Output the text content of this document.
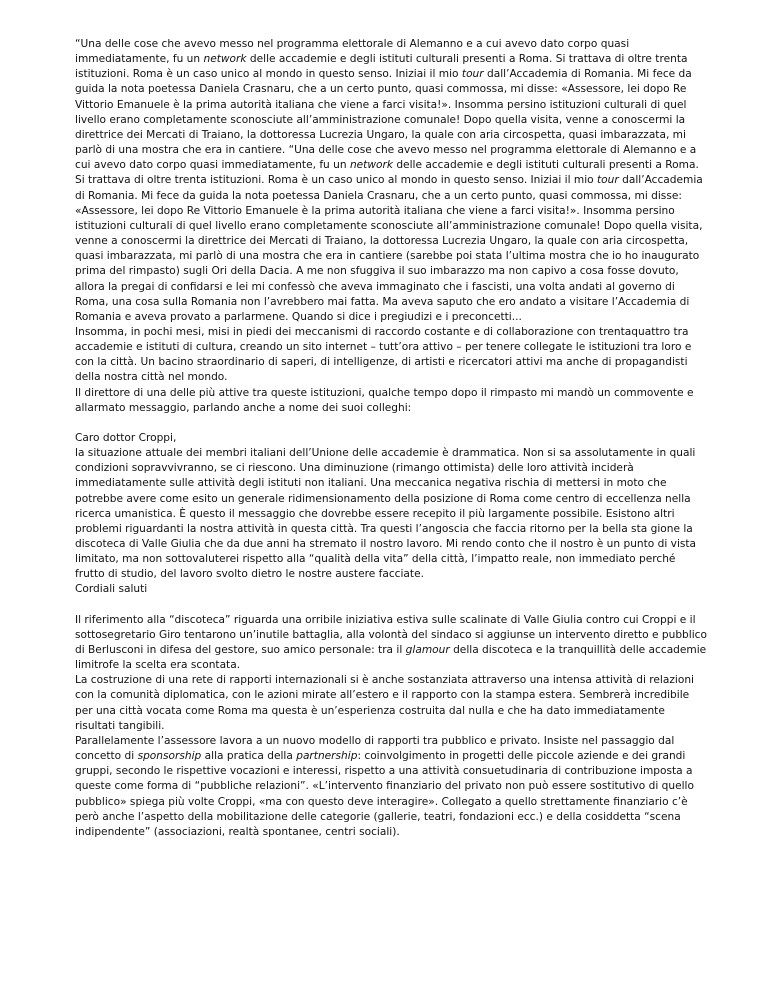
“Una delle cose che avevo messo nel programma elettorale di Alemanno e a cui avevo dato corpo quasi immediatamente, fu un network delle accademie e degli istituti culturali presenti a Roma. Si trattava di oltre trenta istituzioni. Roma è un caso unico al mondo in questo senso. Iniziai il mio tour dall’Accademia di Romania. Mi fece da guida la nota poetessa Daniela Crasnaru, che a un certo punto, quasi commossa, mi disse: «Assessore, lei dopo Re Vittorio Emanuele è la prima autorità italiana che viene a farci visita!». Insomma persino istituzioni culturali di quel livello erano completamente sconosciute all’amministrazione comunale! Dopo quella visita, venne a conoscermi la direttrice dei Mercati di Traiano, la dottoressa Lucrezia Ungaro, la quale con aria circospetta, quasi imbarazzata, mi parlò di una mostra che era in cantiere. “Una delle cose che avevo messo nel programma elettorale di Alemanno e a cui avevo dato corpo quasi immediatamente, fu un network delle accademie e degli istituti culturali presenti a Roma. Si trattava di oltre trenta istituzioni. Roma è un caso unico al mondo in questo senso. Iniziai il mio tour dall’Accademia di Romania. Mi fece da guida la nota poetessa Daniela Crasnaru, che a un certo punto, quasi commossa, mi disse: «Assessore, lei dopo Re Vittorio Emanuele è la prima autorità italiana che viene a farci visita!». Insomma persino istituzioni culturali di quel livello erano completamente sconosciute all’amministrazione comunale! Dopo quella visita, venne a conoscermi la direttrice dei Mercati di Traiano, la dottoressa Lucrezia Ungaro, la quale con aria circospetta, quasi imbarazzata, mi parlò di una mostra che era in cantiere (sarebbe poi stata l’ultima mostra che io ho inaugurato prima del rimpasto) sugli Ori della Dacia. A me non sfuggiva il suo imbarazzo ma non capivo a cosa fosse dovuto, allora la pregai di confidarsi e lei mi confessò che aveva immaginato che i fascisti, una volta andati al governo di Roma, una cosa sulla Romania non l’avrebbero mai fatta. Ma aveva saputo che ero andato a visitare l’Accademia di Romania e aveva provato a parlarmene. Quando si dice i pregiudizi e i preconcetti...

Insomma, in pochi mesi, misi in piedi dei meccanismi di raccordo costante e di collaborazione con trentaquattro tra accademie e istituti di cultura, creando un sito internet – tutt’ora attivo – per tenere collegate le istituzioni tra loro e con la città. Un bacino straordinario di saperi, di intelligenze, di artisti e ricercatori attivi ma anche di propagandisti della nostra città nel mondo.

Il direttore di una delle più attive tra queste istituzioni, qualche tempo dopo il rimpasto mi mandò un commovente e allarmato messaggio, parlando anche a nome dei suoi colleghi:

Caro dottor Croppi,

la situazione attuale dei membri italiani dell’Unione delle accademie è drammatica. Non si sa assolutamente in quali condizioni sopravvivranno, se ci riescono. Una diminuzione (rimango ottimista) delle loro attività inciderà immediatamente sulle attività degli istituti non italiani. Una meccanica negativa rischia di mettersi in moto che potrebbe avere come esito un generale ridimensionamento della posizione di Roma come centro di eccellenza nella ricerca umanistica. È questo il messaggio che dovrebbe essere recepito il più largamente possibile. Esistono altri problemi riguardanti la nostra attività in questa città. Tra questi l’angoscia che faccia ritorno per la bella sta gione la discoteca di Valle Giulia che da due anni ha stremato il nostro lavoro. Mi rendo conto che il nostro è un punto di vista limitato, ma non sottovaluterei rispetto alla “qualità della vita” della città, l’impatto reale, non immediato perché frutto di studio, del lavoro svolto dietro le nostre austere facciate.

Cordiali saluti

Il riferimento alla “discoteca” riguarda una orribile iniziativa estiva sulle scalinate di Valle Giulia contro cui Croppi e il sottosegretario Giro tentarono un’inutile battaglia, alla volontà del sindaco si aggiunse un intervento diretto e pubblico di Berlusconi in difesa del gestore, suo amico personale: tra il glamour della discoteca e la tranquillità delle accademie limitrofe la scelta era scontata.

La costruzione di una rete di rapporti internazionali si è anche sostanziata attraverso una intensa attività di relazioni con la comunità diplomatica, con le azioni mirate all’estero e il rapporto con la stampa estera. Sembrerà incredibile per una città vocata come Roma ma questa è un’esperienza costruita dal nulla e che ha dato immediatamente risultati tangibili.

Parallelamente l’assessore lavora a un nuovo modello di rapporti tra pubblico e privato. Insiste nel passaggio dal concetto di sponsorship alla pratica della partnership: coinvolgimento in progetti delle piccole aziende e dei grandi gruppi, secondo le rispettive vocazioni e interessi, rispetto a una attività consuetudinaria di contribuzione imposta a queste come forma di “pubbliche relazioni”. «L’intervento finanziario del privato non può essere sostitutivo di quello pubblico» spiega più volte Croppi, «ma con questo deve interagire». Collegato a quello strettamente finanziario c’è però anche l’aspetto della mobilitazione delle categorie (gallerie, teatri, fondazioni ecc.) e della cosiddetta “scena indipendente” (associazioni, realtà spontanee, centri sociali).
